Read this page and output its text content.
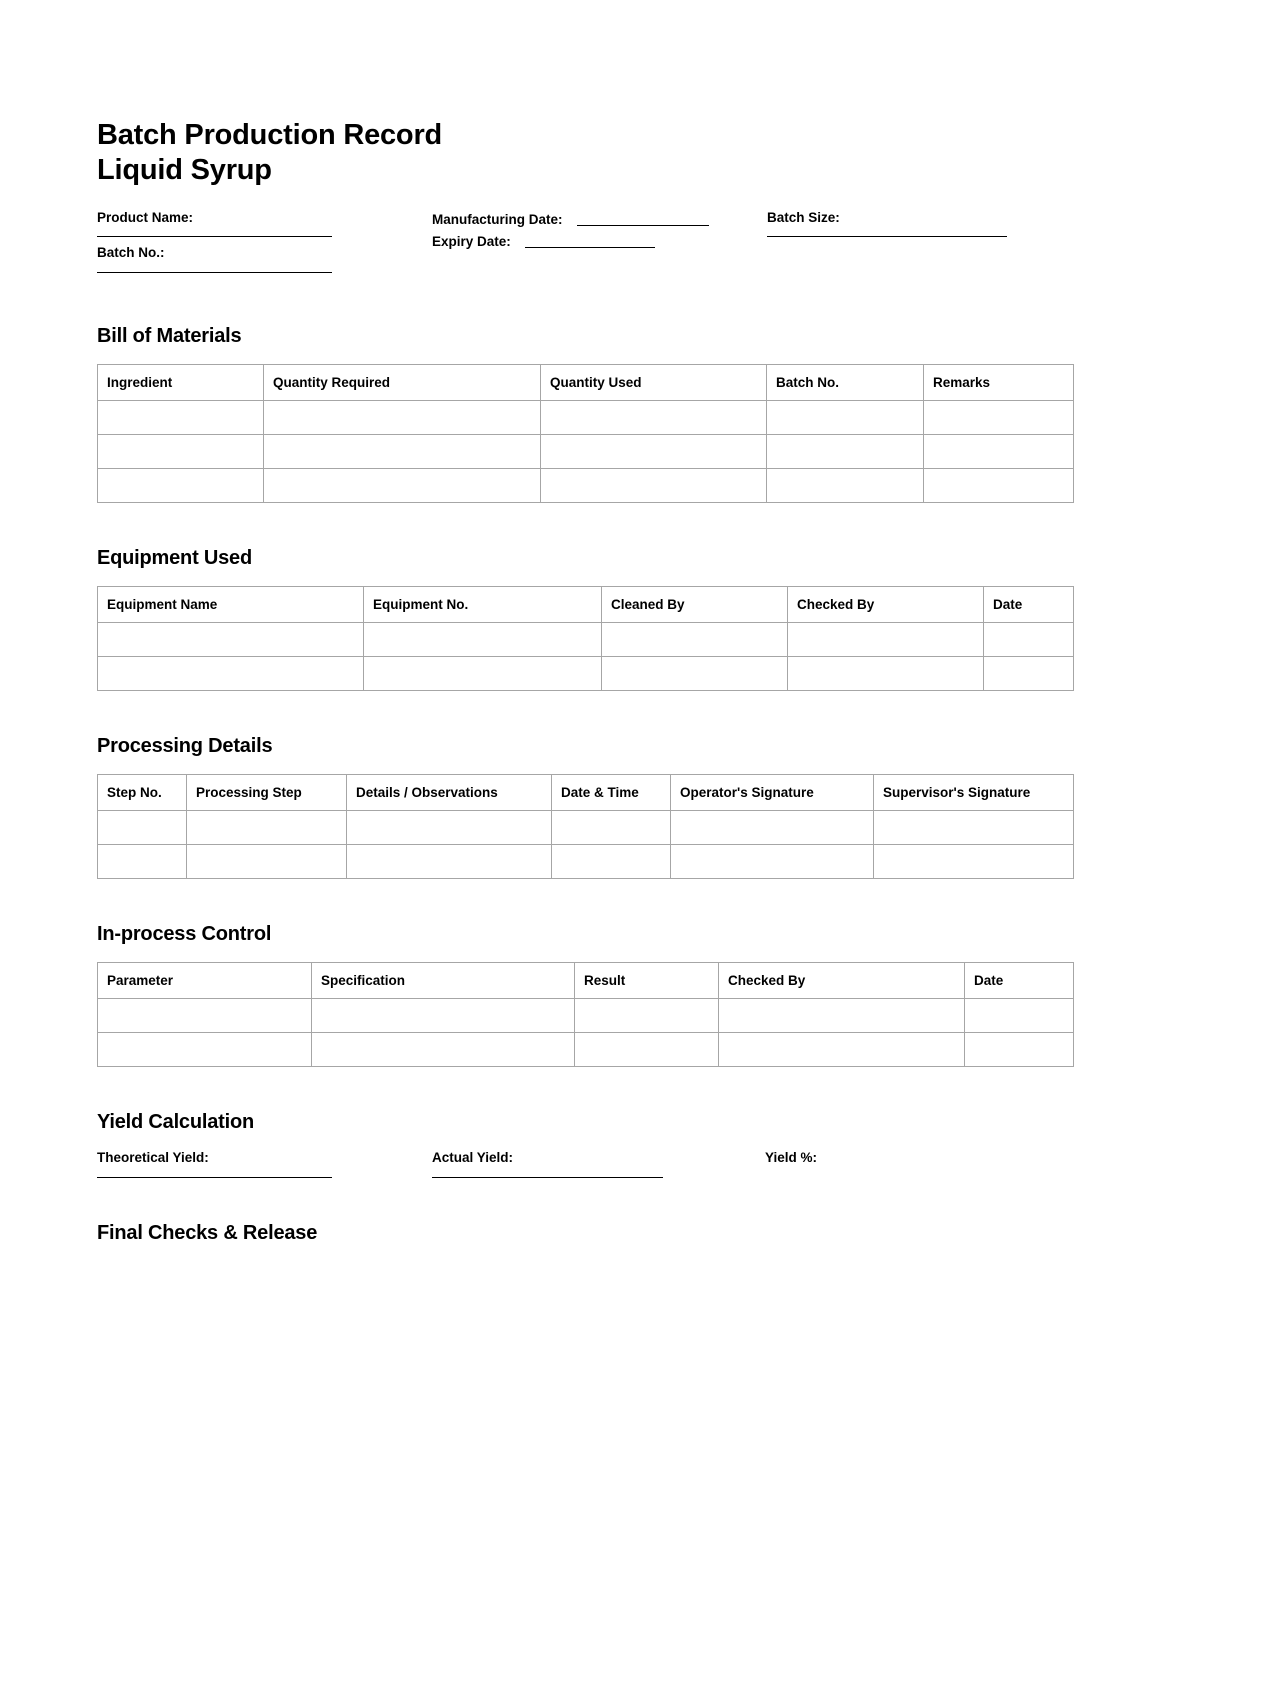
Batch Production Record
Liquid Syrup
Product Name:
Batch No.:
Manufacturing Date:
Expiry Date:
Batch Size:
Bill of Materials
Ingredient	Quantity Required	Quantity Used	Batch No.	Remarks

Equipment Used
Equipment Name	Equipment No.	Cleaned By	Checked By	Date

Processing Details
Step No.	Processing Step	Details / Observations	Date & Time	Operator's Signature	Supervisor's Signature

In-process Control
Parameter	Specification	Result	Checked By	Date

Yield Calculation
Theoretical Yield:	Actual Yield:	Yield %:
Final Checks & Release
